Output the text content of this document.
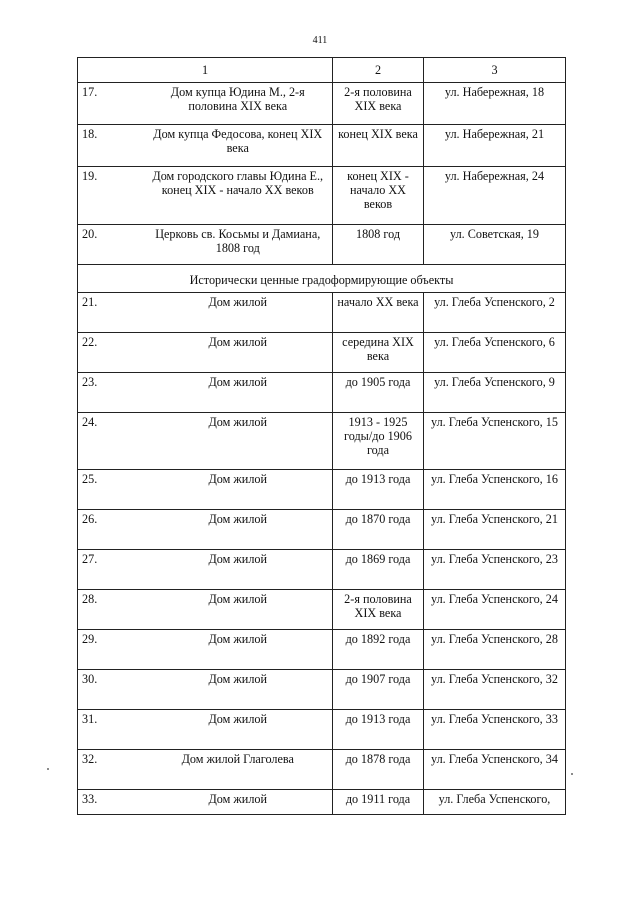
411
1		2	3
17.	Дом купца Юдина М., 2-я половина XIX века	2-я половина XIX века	ул. Набережная, 18
18.	Дом купца Федосова, конец XIX века	конец XIX века	ул. Набережная, 21
19.	Дом городского главы Юдина Е., конец XIX - начало XX веков	конец XIX - начало XX веков	ул. Набережная, 24
20.	Церковь св. Косьмы и Дамиана, 1808 год	1808 год	ул. Советская, 19
Исторически ценные градоформирующие объекты			
21.	Дом жилой	начало XX века	ул. Глеба Успенского, 2
22.	Дом жилой	середина XIX века	ул. Глеба Успенского, 6
23.	Дом жилой	до 1905 года	ул. Глеба Успенского, 9
24.	Дом жилой	1913 - 1925 годы/до 1906 года	ул. Глеба Успенского, 15
25.	Дом жилой	до 1913 года	ул. Глеба Успенского, 16
26.	Дом жилой	до 1870 года	ул. Глеба Успенского, 21
27.	Дом жилой	до 1869 года	ул. Глеба Успенского, 23
28.	Дом жилой	2-я половина XIX века	ул. Глеба Успенского, 24
29.	Дом жилой	до 1892 года	ул. Глеба Успенского, 28
30.	Дом жилой	до 1907 года	ул. Глеба Успенского, 32
31.	Дом жилой	до 1913 года	ул. Глеба Успенского, 33
32.	Дом жилой Глаголева	до 1878 года	ул. Глеба Успенского, 34
33.	Дом жилой	до 1911 года	ул. Глеба Успенского,
